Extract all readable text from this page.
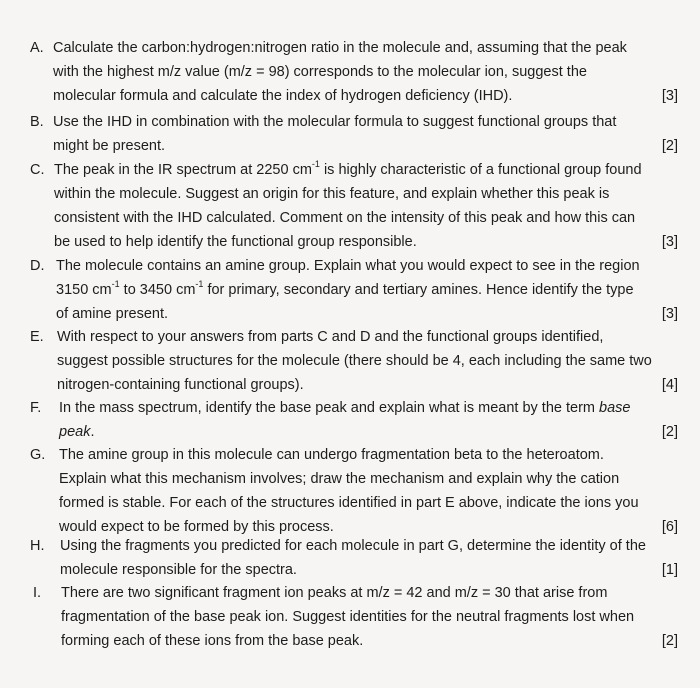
A. Calculate the carbon:hydrogen:nitrogen ratio in the molecule and, assuming that the peak
with the highest m/z value (m/z = 98) corresponds to the molecular ion, suggest the
molecular formula and calculate the index of hydrogen deficiency (IHD).	[3]
B. Use the IHD in combination with the molecular formula to suggest functional groups that
might be present.	[2]
C. The peak in the IR spectrum at 2250 $cm^{-1}$ is highly characteristic of a functional group found
within the molecule. Suggest an origin for this feature, and explain whether this peak is
consistent with the IHD calculated. Comment on the intensity of this peak and how this can
be used to help identify the functional group responsible.	[3]
D. The molecule contains an amine group. Explain what you would expect to see in the region
3150 $cm^{-1}$ to 3450 $cm^{-1}$ for primary, secondary and tertiary amines. Hence identify the type
of amine present.	[3]
E. With respect to your answers from parts C and D and the functional groups identified,
suggest possible structures for the molecule (there should be 4, each including the same two
nitrogen-containing functional groups).	[4]
F.	In the mass spectrum, identify the base peak and explain what is meant by the term base
peak.	[2]
G. The amine group in this molecule can undergo fragmentation beta to the heteroatom.
Explain what this mechanism involves; draw the mechanism and explain why the cation
formed is stable. For each of the structures identified in part E above, indicate the ions you
would expect to be formed by this process.	[6]
H.	Using the fragments you predicted for each molecule in part G, determine the identity of the
molecule responsible for the spectra.	[1]
I.	There are two significant fragment ion peaks at m/z = 42 and m/z = 30 that arise from
fragmentation of the base peak ion. Suggest identities for the neutral fragments lost when
forming each of these ions from the base peak.	[2]
